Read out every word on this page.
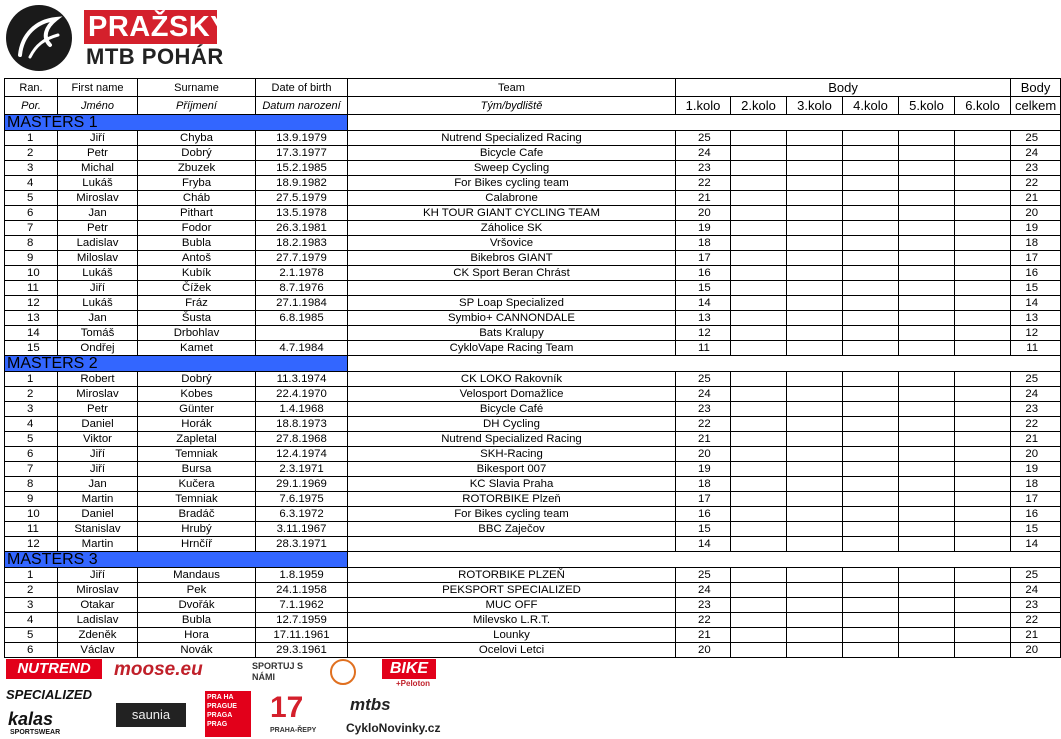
PRAŽSKÝ
MTB POHÁR
Ran.	First name	Surname	Date of birth	Team	Body						Body
Por.	Jméno	Příjmení	Datum narození	Tým/bydliště	1.kolo	2.kolo	3.kolo	4.kolo	5.kolo	6.kolo	celkem
MASTERS 1											
1	Jiří	Chyba	13.9.1979	Nutrend Specialized Racing	25						25
2	Petr	Dobrý	17.3.1977	Bicycle Cafe	24						24
3	Michal	Zbuzek	15.2.1985	Sweep Cycling	23						23
4	Lukáš	Fryba	18.9.1982	For Bikes cycling team	22						22
5	Miroslav	Cháb	27.5.1979	Calabrone	21						21
6	Jan	Pithart	13.5.1978	KH TOUR GIANT CYCLING TEAM	20						20
7	Petr	Fodor	26.3.1981	Záholice SK	19						19
8	Ladislav	Bubla	18.2.1983	Vršovice	18						18
9	Miloslav	Antoš	27.7.1979	Bikebros GIANT	17						17
10	Lukáš	Kubík	2.1.1978	CK Sport Beran Chrást	16						16
11	Jiří	Čížek	8.7.1976		15						15
12	Lukáš	Fráz	27.1.1984	SP Loap Specialized	14						14
13	Jan	Šusta	6.8.1985	Symbio+ CANNONDALE	13						13
14	Tomáš	Drbohlav		Bats Kralupy	12						12
15	Ondřej	Kamet	4.7.1984	CykloVape Racing Team	11						11
MASTERS 2											
1	Robert	Dobrý	11.3.1974	CK LOKO Rakovník	25						25
2	Miroslav	Kobes	22.4.1970	Velosport Domažlice	24						24
3	Petr	Günter	1.4.1968	Bicycle Café	23						23
4	Daniel	Horák	18.8.1973	DH Cycling	22						22
5	Viktor	Zapletal	27.8.1968	Nutrend Specialized Racing	21						21
6	Jiří	Temniak	12.4.1974	SKH-Racing	20						20
7	Jiří	Bursa	2.3.1971	Bikesport 007	19						19
8	Jan	Kučera	29.1.1969	KC Slavia Praha	18						18
9	Martin	Temniak	7.6.1975	ROTORBIKE Plzeň	17						17
10	Daniel	Bradáč	6.3.1972	For Bikes cycling team	16						16
11	Stanislav	Hrubý	3.11.1967	BBC Zaječov	15						15
12	Martin	Hrnčíř	28.3.1971		14						14
MASTERS 3											
1	Jiří	Mandaus	1.8.1959	ROTORBIKE PLZEŇ	25						25
2	Miroslav	Pek	24.1.1958	PEKSPORT SPECIALIZED	24						24
3	Otakar	Dvořák	7.1.1962	MUC OFF	23						23
4	Ladislav	Bubla	12.7.1959	Milevsko L.R.T.	22						22
5	Zdeněk	Hora	17.11.1961	Lounky	21						21
6	Václav	Novák	29.3.1961	Ocelovi Letci	20						20
NUTREND	moose.eu	SPORTUJ S NÁMI	BIKE
+Peloton
SPECIALIZED
kalas
SPORTSWEAR
saunia
PRA HA PRAGUE PRAGA PRAG
17
PRAHA-ŘEPY
mtbs
CykloNovinky.cz
